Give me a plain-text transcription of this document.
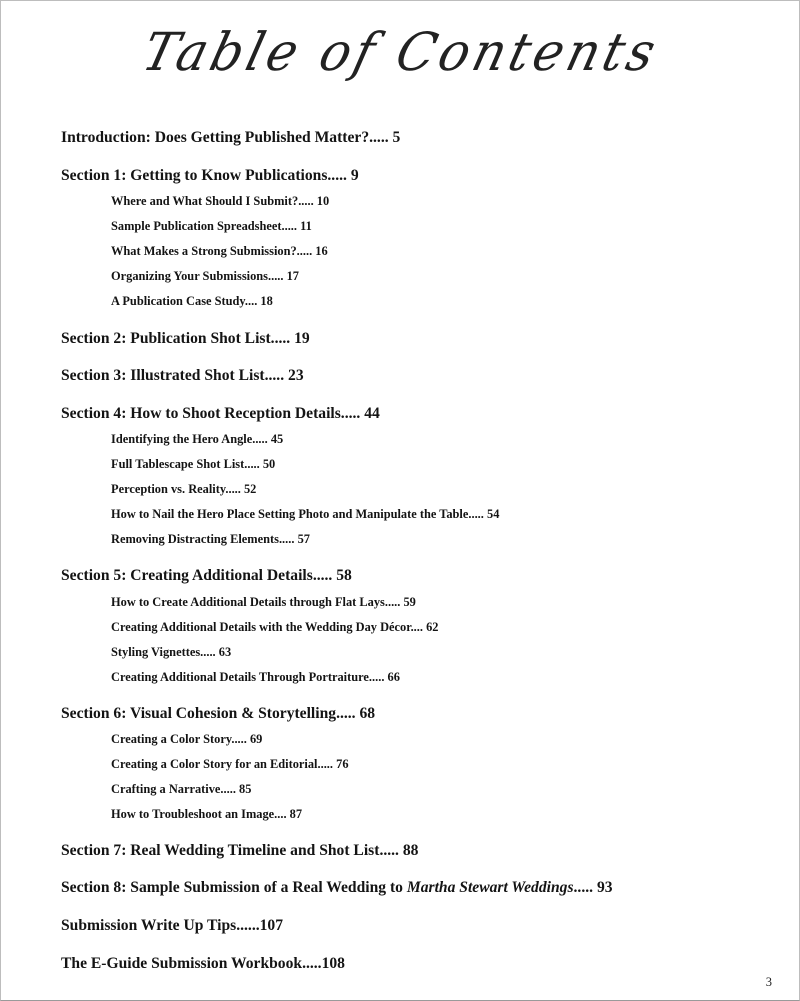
Table of Contents
Introduction: Does Getting Published Matter?..... 5
Section 1: Getting to Know Publications..... 9
Where and What Should I Submit?..... 10
Sample Publication Spreadsheet..... 11
What Makes a Strong Submission?..... 16
Organizing Your Submissions..... 17
A Publication Case Study.... 18
Section 2: Publication Shot List..... 19
Section 3: Illustrated Shot List..... 23
Section 4: How to Shoot Reception Details..... 44
Identifying the Hero Angle..... 45
Full Tablescape Shot List..... 50
Perception vs. Reality..... 52
How to Nail the Hero Place Setting Photo and Manipulate the Table..... 54
Removing Distracting Elements..... 57
Section 5: Creating Additional Details..... 58
How to Create Additional Details through Flat Lays..... 59
Creating Additional Details with the Wedding Day Décor.... 62
Styling Vignettes..... 63
Creating Additional Details Through Portraiture..... 66
Section 6: Visual Cohesion & Storytelling..... 68
Creating a Color Story..... 69
Creating a Color Story for an Editorial..... 76
Crafting a Narrative..... 85
How to Troubleshoot an Image.... 87
Section 7: Real Wedding Timeline and Shot List..... 88
Section 8: Sample Submission of a Real Wedding to Martha Stewart Weddings..... 93
Submission Write Up Tips......107
The E-Guide Submission Workbook.....108
3
